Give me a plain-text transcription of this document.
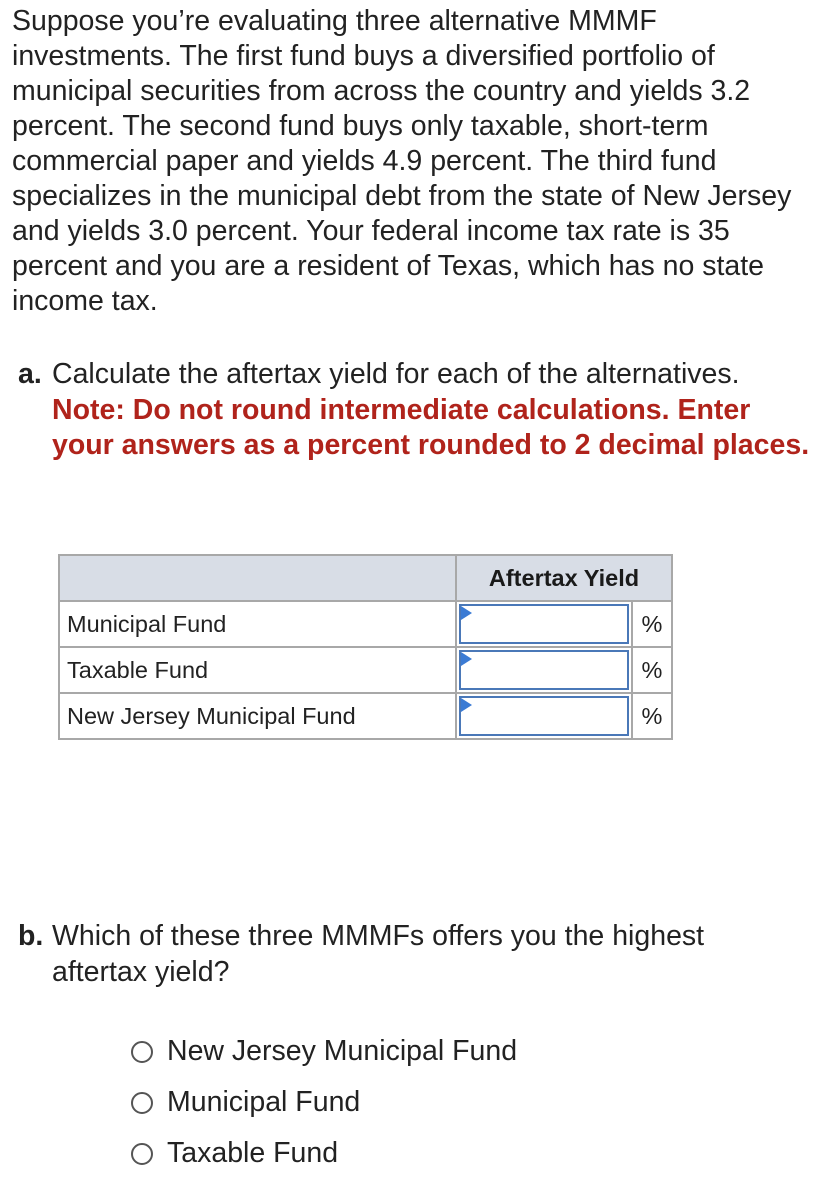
Suppose you’re evaluating three alternative MMMF investments. The first fund buys a diversified portfolio of municipal securities from across the country and yields 3.2 percent. The second fund buys only taxable, short-term commercial paper and yields 4.9 percent. The third fund specializes in the municipal debt from the state of New Jersey and yields 3.0 percent. Your federal income tax rate is 35 percent and you are a resident of Texas, which has no state income tax.

a. Calculate the aftertax yield for each of the alternatives.

Note: Do not round intermediate calculations. Enter your answers as a percent rounded to 2 decimal places.

	Aftertax Yield	
Municipal Fund		%
Taxable Fund		%
New Jersey Municipal Fund		%
b. Which of these three MMMFs offers you the highest

aftertax yield?

New Jersey Municipal Fund
Municipal Fund
Taxable Fund
